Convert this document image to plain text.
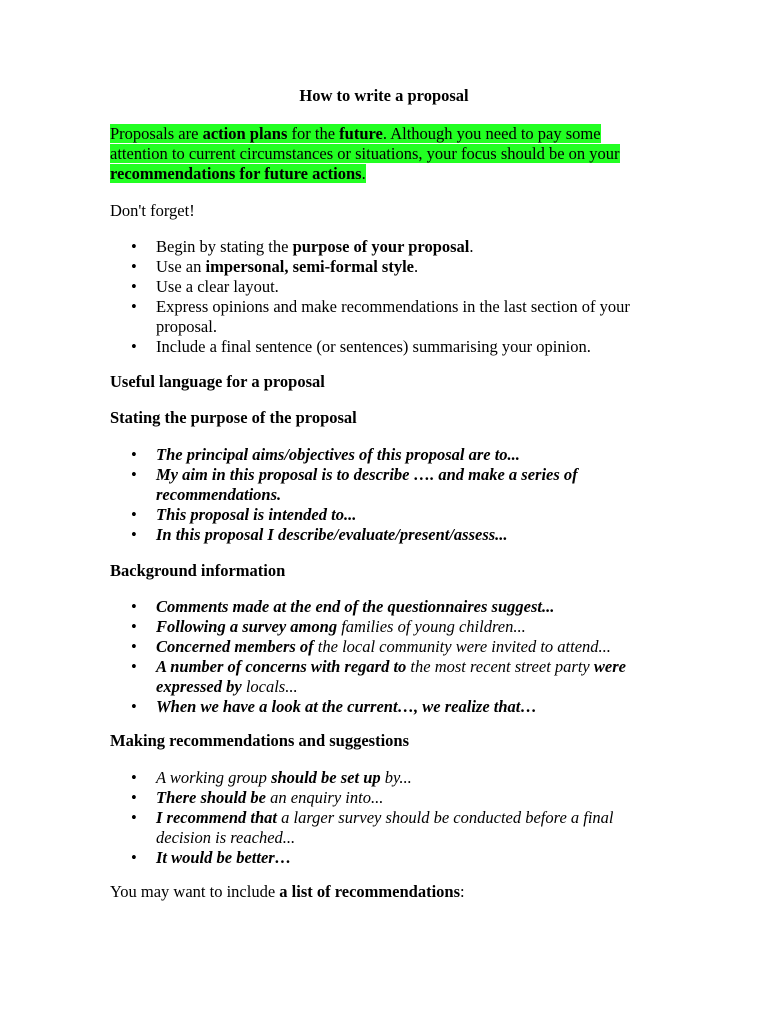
How to write a proposal
Proposals are action plans for the future. Although you need to pay some attention to current circumstances or situations, your focus should be on your recommendations for future actions.
Don't forget!
• Begin by stating the purpose of your proposal.
• Use an impersonal, semi-formal style.
• Use a clear layout.
• Express opinions and make recommendations in the last section of your proposal.
• Include a final sentence (or sentences) summarising your opinion.
Useful language for a proposal
Stating the purpose of the proposal
• The principal aims/objectives of this proposal are to...
• My aim in this proposal is to describe …. and make a series of recommendations.
• This proposal is intended to...
• In this proposal I describe/evaluate/present/assess...
Background information
• Comments made at the end of the questionnaires suggest...
• Following a survey among families of young children...
• Concerned members of the local community were invited to attend...
• A number of concerns with regard to the most recent street party were expressed by locals...
• When we have a look at the current…, we realize that…
Making recommendations and suggestions
• A working group should be set up by...
• There should be an enquiry into...
• I recommend that a larger survey should be conducted before a final decision is reached...
• It would be better…
You may want to include a list of recommendations:
